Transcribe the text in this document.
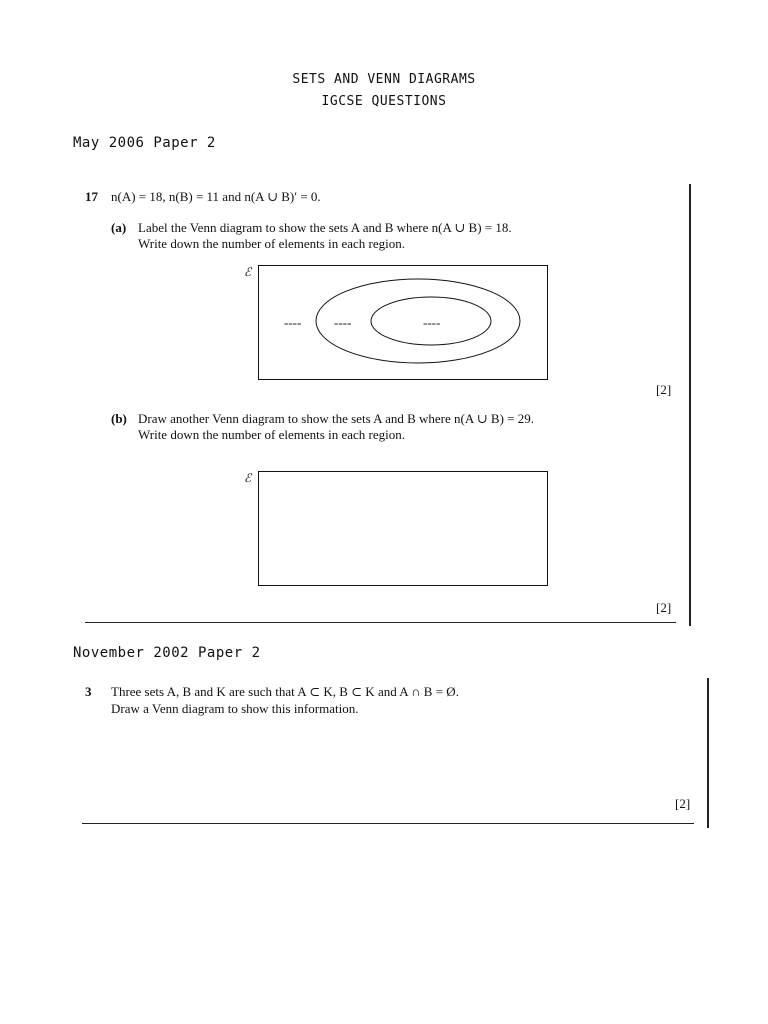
SETS AND VENN DIAGRAMS
IGCSE QUESTIONS
May 2006 Paper 2
17 n(A) = 18, n(B) = 11 and n(A ∪ B)′ = 0.
(a) Label the Venn diagram to show the sets A and B where n(A ∪ B) = 18.
Write down the number of elements in each region.
ℰ
----	----	----
[2]
(b) Draw another Venn diagram to show the sets A and B where n(A ∪ B) = 29.
Write down the number of elements in each region.
ℰ
[2]
November 2002 Paper 2
3 Three sets A, B and K are such that A ⊂ K, B ⊂ K and A ∩ B = Ø.
Draw a Venn diagram to show this information.
[2]
